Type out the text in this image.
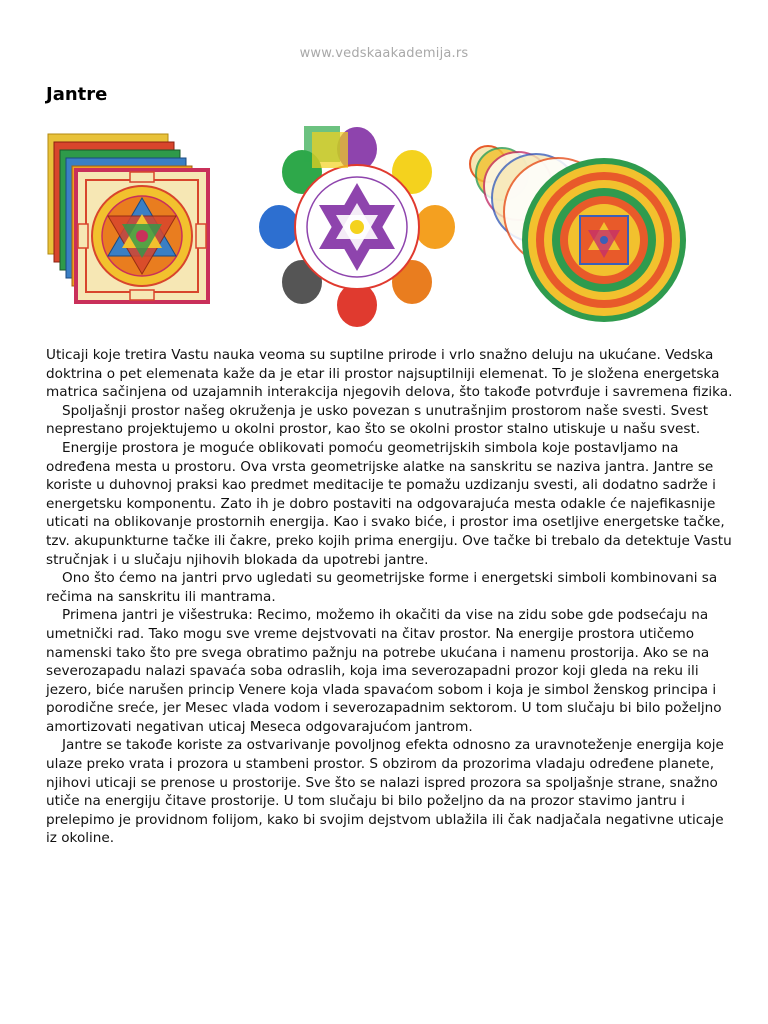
www.vedskaakademija.rs
Jantre

Uticaji koje tretira Vastu nauka veoma su suptilne prirode i vrlo snažno deluju na ukućane. Vedska doktrina o pet elemenata kaže da je etar ili prostor najsuptilniji elemenat. To je složena energetska matrica sačinjena od uzajamnih interakcija njegovih delova, što takođe potvrđuje i savremena fizika.

Spoljašnji prostor našeg okruženja je usko povezan s unutrašnjim prostorom naše svesti. Svest neprestano projektujemo u okolni prostor, kao što se okolni prostor stalno utiskuje u našu svest.

Energije prostora je moguće oblikovati pomoću geometrijskih simbola koje postavljamo na određena mesta u prostoru. Ova vrsta geometrijske alatke na sanskritu se naziva jantra. Jantre se koriste u duhovnoj praksi kao predmet meditacije te pomažu uzdizanju svesti, ali dodatno sadrže i energetsku komponentu. Zato ih je dobro postaviti na odgovarajuća mesta odakle će najefikasnije uticati na oblikovanje prostornih energija. Kao i svako biće, i prostor ima osetljive energetske tačke, tzv. akupunkturne tačke ili čakre, preko kojih prima energiju. Ove tačke bi trebalo da detektuje Vastu stručnjak i u slučaju njihovih blokada da upotrebi jantre.

Ono što ćemo na jantri prvo ugledati su geometrijske forme i energetski simboli kombinovani sa rečima na sanskritu ili mantrama.

Primena jantri je višestruka: Recimo, možemo ih okačiti da vise na zidu sobe gde podsećaju na umetnički rad. Tako mogu sve vreme dejstvovati na čitav prostor. Na energije prostora utičemo namenski tako što pre svega obratimo pažnju na potrebe ukućana i namenu prostorija. Ako se na severozapadu nalazi spavaća soba odraslih, koja ima severozapadni prozor koji gleda na reku ili jezero, biće narušen princip Venere koja vlada spavaćom sobom i koja je simbol ženskog principa i porodične sreće, jer Mesec vlada vodom i severozapadnim sektorom. U tom slučaju bi bilo poželjno amortizovati negativan uticaj Meseca odgovarajućom jantrom.

Jantre se takođe koriste za ostvarivanje povoljnog efekta odnosno za uravnoteženje energija koje ulaze preko vrata i prozora u stambeni prostor. S obzirom da prozorima vladaju određene planete, njihovi uticaji se prenose u prostorije. Sve što se nalazi ispred prozora sa spoljašnje strane, snažno utiče na energiju čitave prostorije. U tom slučaju bi bilo poželjno da na prozor stavimo jantru i prelepimo je providnom folijom, kako bi svojim dejstvom ublažila ili čak nadjačala negativne uticaje iz okoline.
